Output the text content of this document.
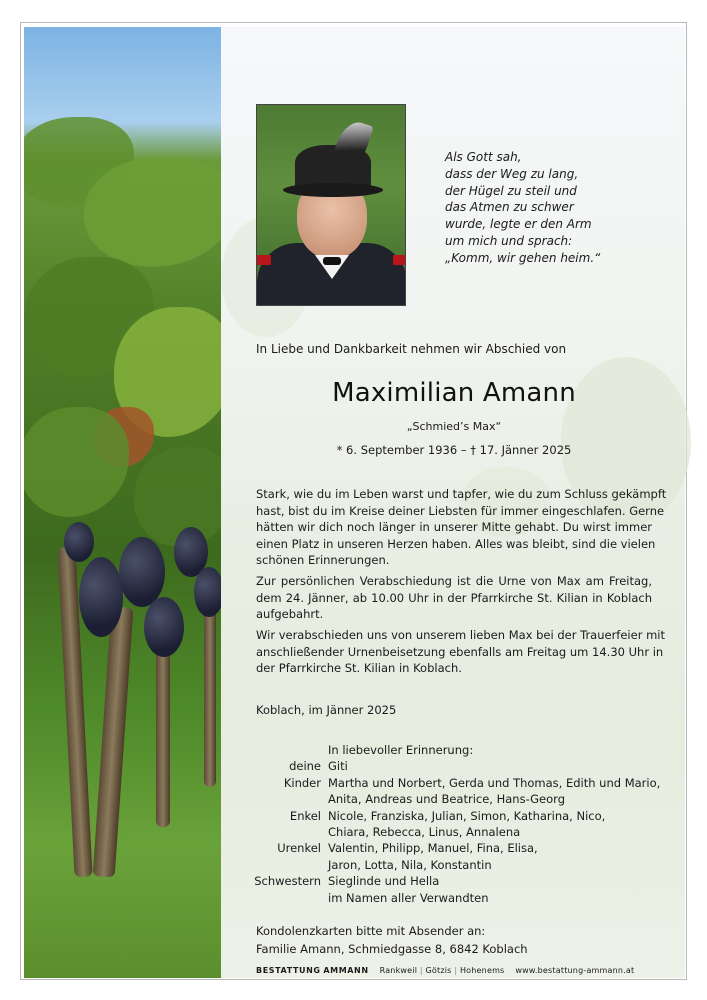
Als Gott sah,
dass der Weg zu lang,
der Hügel zu steil und
das Atmen zu schwer
wurde, legte er den Arm
um mich und sprach:
„Komm, wir gehen heim.“
In Liebe und Dankbarkeit nehmen wir Abschied von
Maximilian Amann
„Schmied’s Max“
* 6. September 1936 – † 17. Jänner 2025
Stark, wie du im Leben warst und tapfer, wie du zum Schluss gekämpft
hast, bist du im Kreise deiner Liebsten für immer eingeschlafen. Gerne
hätten wir dich noch länger in unserer Mitte gehabt. Du wirst immer
einen Platz in unseren Herzen haben. Alles was bleibt, sind die vielen
schönen Erinnerungen.
Zur persönlichen Verabschiedung ist die Urne von Max am Freitag,
dem 24. Jänner, ab 10.00 Uhr in der Pfarrkirche St. Kilian in Koblach
aufgebahrt.
Wir verabschieden uns von unserem lieben Max bei der Trauerfeier mit
anschließender Urnenbeisetzung ebenfalls am Freitag um 14.30 Uhr in
der Pfarrkirche St. Kilian in Koblach.
Koblach, im Jänner 2025
In liebevoller Erinnerung:
deine Giti
Kinder Martha und Norbert, Gerda und Thomas, Edith und Mario,
Anita, Andreas und Beatrice, Hans-Georg
Enkel Nicole, Franziska, Julian, Simon, Katharina, Nico,
Chiara, Rebecca, Linus, Annalena
Urenkel Valentin, Philipp, Manuel, Fina, Elisa,
Jaron, Lotta, Nila, Konstantin
Schwestern Sieglinde und Hella
im Namen aller Verwandten
Kondolenzkarten bitte mit Absender an:
Familie Amann, Schmiedgasse 8, 6842 Koblach
BESTATTUNG AMMANN Rankweil | Götzis | Hohenems www.bestattung-ammann.at
